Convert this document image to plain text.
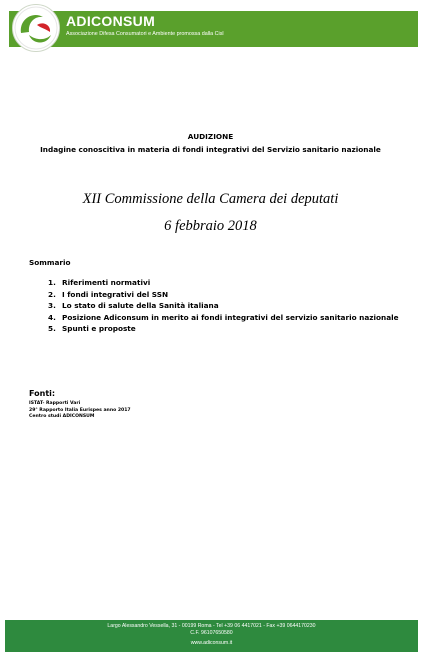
ADICONSUM
Associazione Difesa Consumatori e Ambiente promossa dalla Cisl
AUDIZIONE
Indagine conoscitiva in materia di fondi integrativi del Servizio sanitario nazionale
XII Commissione della Camera dei deputati
6 febbraio 2018
Sommario
1. Riferimenti normativi
2. I fondi integrativi del SSN
3. Lo stato di salute della Sanità italiana
4. Posizione Adiconsum in merito ai fondi integrativi del servizio sanitario nazionale
5. Spunti e proposte
Fonti:
ISTAT- Rapporti Vari
29° Rapporto Italia Eurispes anno 2017
Centro studi ADICONSUM
Largo Alessandro Vessella, 31 - 00199 Roma - Tel +39 06 4417021 - Fax +39 0644170230
C.F. 96107650580
www.adiconsum.it
